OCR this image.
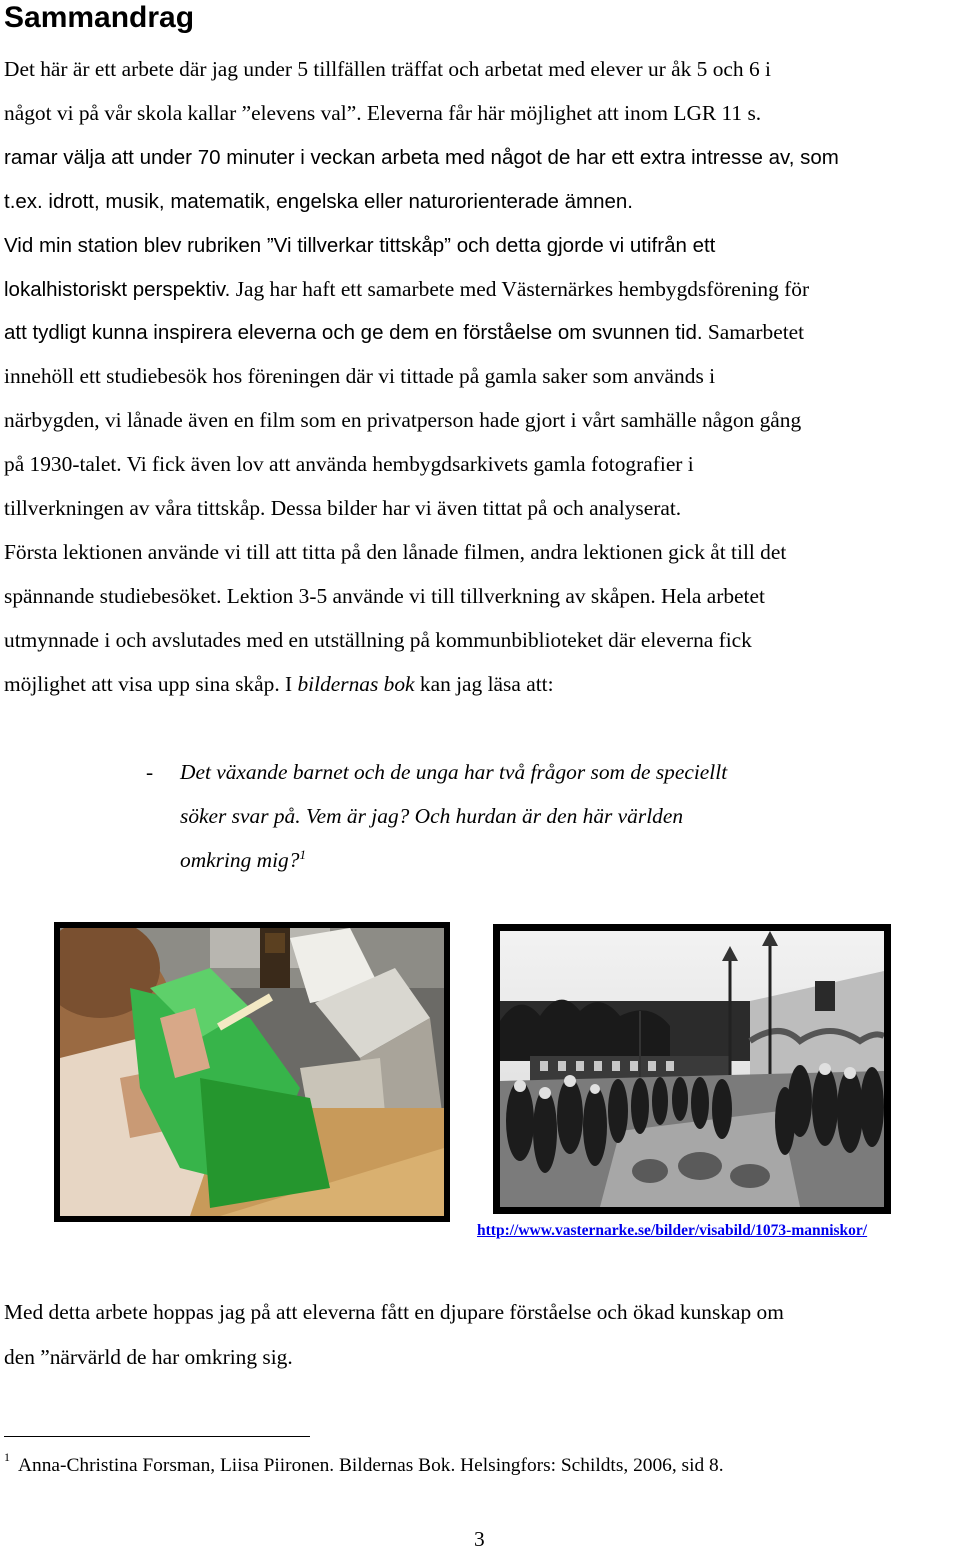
Sammandrag
Det här är ett arbete där jag under 5 tillfällen träffat och arbetat med elever ur åk 5 och 6 i
något vi på vår skola kallar ”elevens val”. Eleverna får här möjlighet att inom LGR 11 s.
ramar välja att under 70 minuter i veckan arbeta med något de har ett extra intresse av, som
t.ex. idrott, musik, matematik, engelska eller naturorienterade ämnen.
Vid min station blev rubriken ”Vi tillverkar tittskåp” och detta gjorde vi utifrån ett
lokalhistoriskt perspektiv. Jag har haft ett samarbete med Västernärkes hembygdsförening för
att tydligt kunna inspirera eleverna och ge dem en förståelse om svunnen tid. Samarbetet
innehöll ett studiebesök hos föreningen där vi tittade på gamla saker som används i
närbygden, vi lånade även en film som en privatperson hade gjort i vårt samhälle någon gång
på 1930-talet. Vi fick även lov att använda hembygdsarkivets gamla fotografier i
tillverkningen av våra tittskåp. Dessa bilder har vi även tittat på och analyserat.
Första lektionen använde vi till att titta på den lånade filmen, andra lektionen gick åt till det
spännande studiebesöket. Lektion 3-5 använde vi till tillverkning av skåpen. Hela arbetet
utmynnade i och avslutades med en utställning på kommunbiblioteket där eleverna fick
möjlighet att visa upp sina skåp. I bildernas bok kan jag läsa att:
- Det växande barnet och de unga har två frågor som de speciellt
söker svar på. Vem är jag? Och hurdan är den här världen
omkring mig?$^1$
http://www.vasternarke.se/bilder/visabild/1073-manniskor/

Med detta arbete hoppas jag på att eleverna fått en djupare förståelse och ökad kunskap om
den ”närvärld de har omkring sig.

$^1$ Anna-Christina Forsman, Liisa Piironen. Bildernas Bok. Helsingfors: Schildts, 2006, sid 8.
3
